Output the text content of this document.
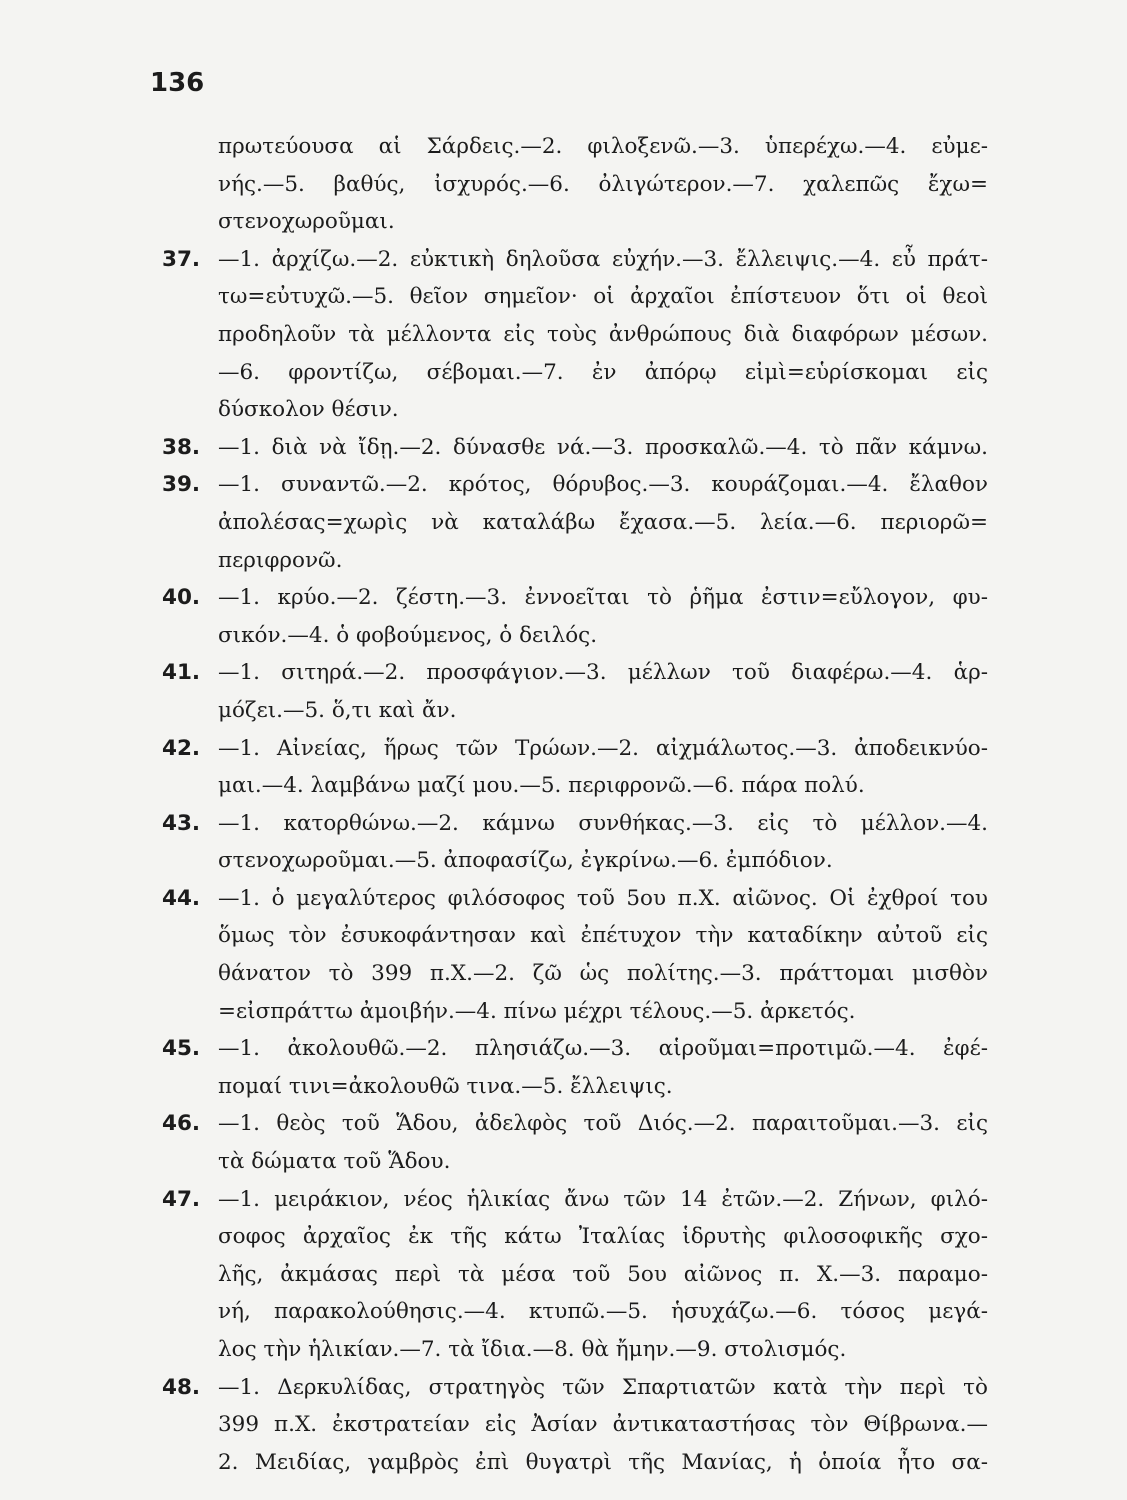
136
πρωτεύουσα αἱ Σάρδεις.—2. φιλοξενῶ.—3. ὑπερέχω.—4. εὐμε-
νής.—5. βαθύς, ἰσχυρός.—6. ὀλιγώτερον.—7. χαλεπῶς ἔχω=
στενοχωροῦμαι.
37. —1. ἀρχίζω.—2. εὐκτικὴ δηλοῦσα εὐχήν.—3. ἔλλειψις.—4. εὖ πράτ-
τω=εὐτυχῶ.—5. θεῖον σημεῖον· οἱ ἀρχαῖοι ἐπίστευον ὅτι οἱ θεοὶ
προδηλοῦν τὰ μέλλοντα εἰς τοὺς ἀνθρώπους διὰ διαφόρων μέσων.
—6. φροντίζω, σέβομαι.—7. ἐν ἀπόρῳ εἰμὶ=εὑρίσκομαι εἰς
δύσκολον θέσιν.
38. —1. διὰ νὰ ἴδῃ.—2. δύνασθε νά.—3. προσκαλῶ.—4. τὸ πᾶν κάμνω.
39. —1. συναντῶ.—2. κρότος, θόρυβος.—3. κουράζομαι.—4. ἔλαθον
ἀπολέσας=χωρὶς νὰ καταλάβω ἔχασα.—5. λεία.—6. περιορῶ=
περιφρονῶ.
40. —1. κρύο.—2. ζέστη.—3. ἐννοεῖται τὸ ῥῆμα ἐστιν=εὔλογον, φυ-
σικόν.—4. ὁ φοβούμενος, ὁ δειλός.
41. —1. σιτηρά.—2. προσφάγιον.—3. μέλλων τοῦ διαφέρω.—4. ἁρ-
μόζει.—5. ὅ,τι καὶ ἄν.
42. —1. Αἰνείας, ἥρως τῶν Τρώων.—2. αἰχμάλωτος.—3. ἀποδεικνύο-
μαι.—4. λαμβάνω μαζί μου.—5. περιφρονῶ.—6. πάρα πολύ.
43. —1. κατορθώνω.—2. κάμνω συνθήκας.—3. εἰς τὸ μέλλον.—4.
στενοχωροῦμαι.—5. ἀποφασίζω, ἐγκρίνω.—6. ἐμπόδιον.
44. —1. ὁ μεγαλύτερος φιλόσοφος τοῦ 5ου π.Χ. αἰῶνος. Οἱ ἐχθροί του
ὅμως τὸν ἐσυκοφάντησαν καὶ ἐπέτυχον τὴν καταδίκην αὐτοῦ εἰς
θάνατον τὸ 399 π.Χ.—2. ζῶ ὡς πολίτης.—3. πράττομαι μισθὸν
=εἰσπράττω ἀμοιβήν.—4. πίνω μέχρι τέλους.—5. ἀρκετός.
45. —1. ἀκολουθῶ.—2. πλησιάζω.—3. αἱροῦμαι=προτιμῶ.—4. ἐφέ-
πομαί τινι=ἀκολουθῶ τινα.—5. ἔλλειψις.
46. —1. θεὸς τοῦ Ἅδου, ἀδελφὸς τοῦ Διός.—2. παραιτοῦμαι.—3. εἰς
τὰ δώματα τοῦ Ἅδου.
47. —1. μειράκιον, νέος ἡλικίας ἄνω τῶν 14 ἐτῶν.—2. Ζήνων, φιλό-
σοφος ἀρχαῖος ἐκ τῆς κάτω Ἰταλίας ἱδρυτὴς φιλοσοφικῆς σχο-
λῆς, ἀκμάσας περὶ τὰ μέσα τοῦ 5ου αἰῶνος π. Χ.—3. παραμο-
νή, παρακολούθησις.—4. κτυπῶ.—5. ἡσυχάζω.—6. τόσος μεγά-
λος τὴν ἡλικίαν.—7. τὰ ἴδια.—8. θὰ ἤμην.—9. στολισμός.
48. —1. Δερκυλίδας, στρατηγὸς τῶν Σπαρτιατῶν κατὰ τὴν περὶ τὸ
399 π.Χ. ἐκστρατείαν εἰς Ἀσίαν ἀντικαταστήσας τὸν Θίβρωνα.—
2. Μειδίας, γαμβρὸς ἐπὶ θυγατρὶ τῆς Μανίας, ἡ ὁποία ἦτο σα-
